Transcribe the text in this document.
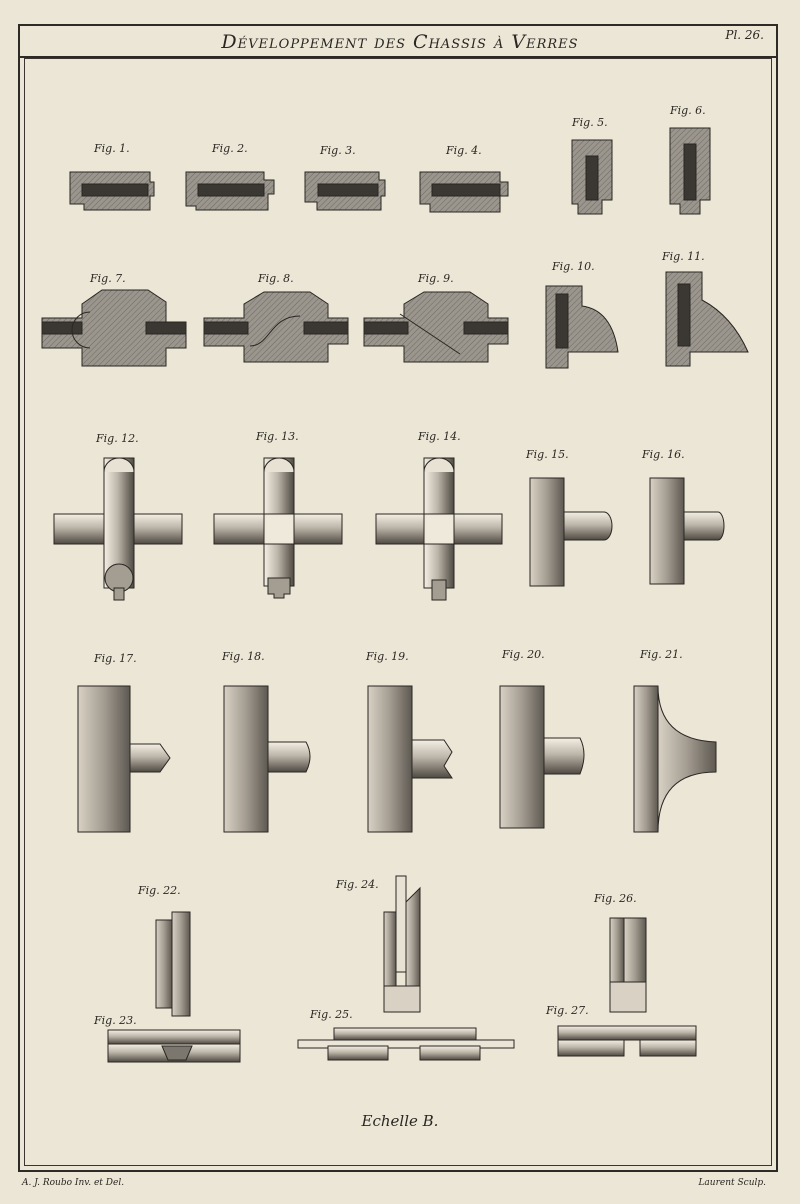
Développement des Chassis à Verres	Pl. 26.
Fig. 1.	Fig. 2.	Fig. 3.	Fig. 4.
Fig. 5.
Fig. 6.
Fig. 7.	Fig. 8.	Fig. 9.
Fig. 10.
Fig. 11.
Fig. 12.	Fig. 13.	Fig. 14.
Fig. 15.	Fig. 16.
Fig. 17.	Fig. 18.	Fig. 19.	Fig. 20.	Fig. 21.
Fig. 22.
Fig. 23.
Fig. 24.
Fig. 25.
Fig. 26.
Fig. 27.
Echelle B.
A. J. Roubo Inv. et Del.	Laurent Sculp.
